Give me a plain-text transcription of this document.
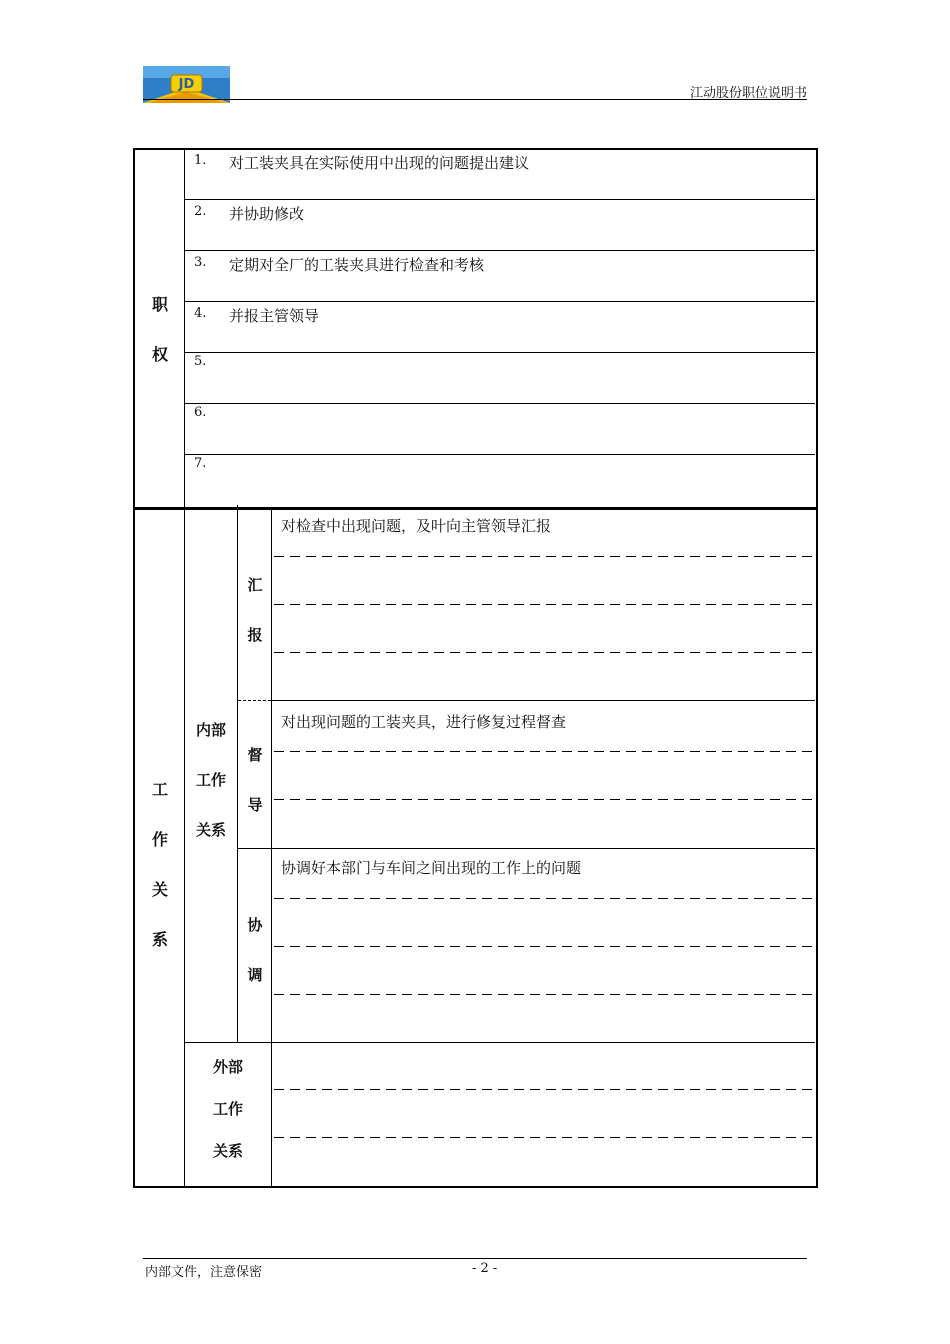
JD
江动股份职位说明书
职
权
1. 对工装夹具在实际使用中出现的问题提出建议
2. 并协助修改
3. 定期对全厂的工装夹具进行检查和考核
4. 并报主管领导
5.
6.
7.
工
作
关
系
内部
工作
关系
汇
报
督
导
协
调
对检查中出现问题，及叶向主管领导汇报
对出现问题的工装夹具，进行修复过程督查
协调好本部门与车间之间出现的工作上的问题
外部
工作
关系
内部文件，注意保密	- 2 -
